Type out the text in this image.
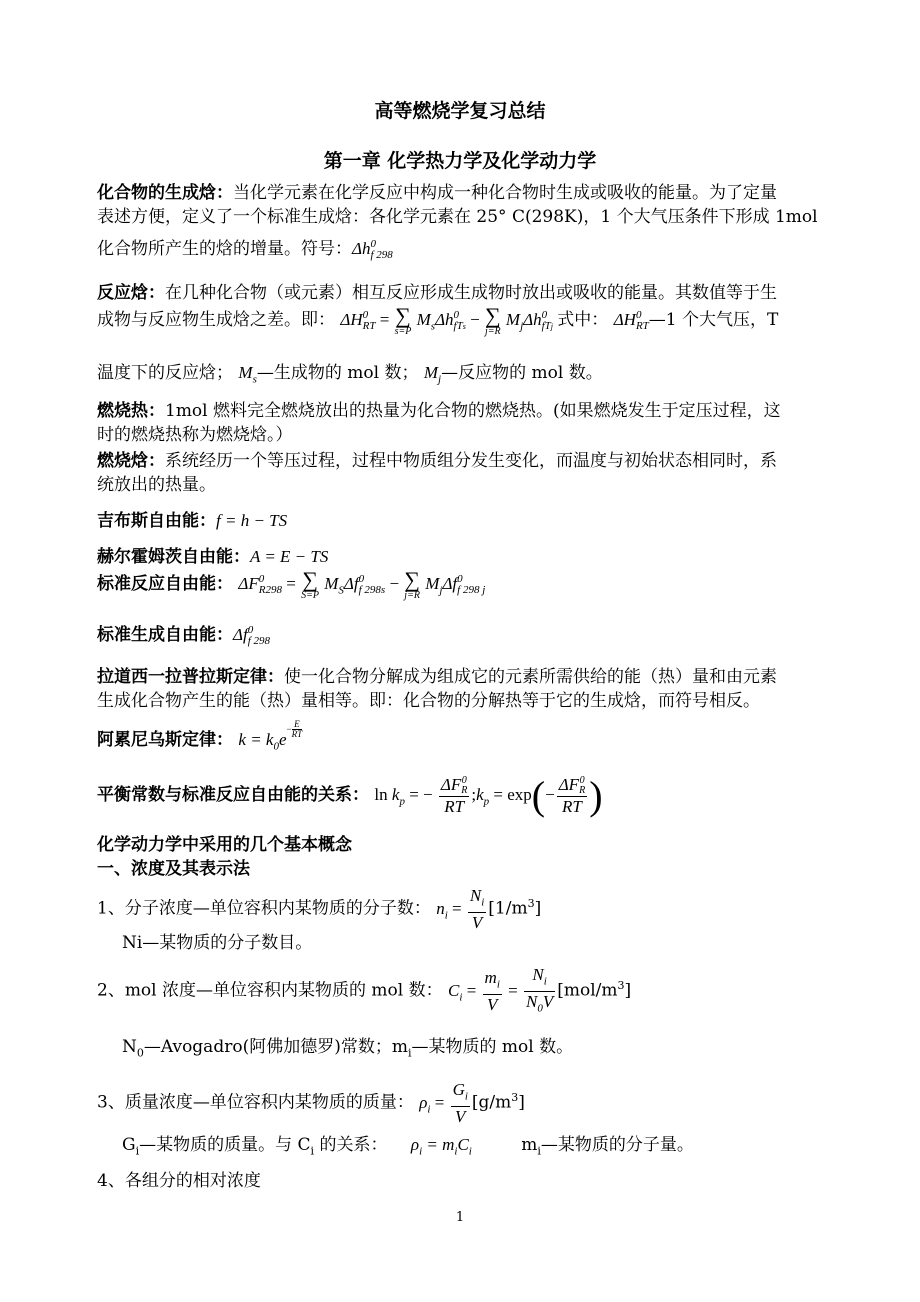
高等燃烧学复习总结
第一章 化学热力学及化学动力学
化合物的生成焓：当化学元素在化学反应中构成一种化合物时生成或吸收的能量。为了定量
表述方便，定义了一个标准生成焓：各化学元素在 25° C(298K)，1 个大气压条件下形成 1mol
化合物所产生的焓的增量。符号：Δh 0
f 298
反应焓：在几种化合物（或元素）相互反应形成生成物时放出或吸收的能量。其数值等于生
成物与反应物生成焓之差。即： ΔH 0
RT = ∑
s=P
$M_s\Delta h$ 0
fTs − ∑
j=R
$M_j\Delta h$ 0
fTj 式中： ΔH 0
RT —1 个大气压，T
温度下的反应焓； $M_s—$生成物的 mol 数； $M_j—$反应物的 mol 数。
燃烧热：1mol 燃料完全燃烧放出的热量为化合物的燃烧热。(如果燃烧发生于定压过程，这
时的燃烧热称为燃烧焓。）
燃烧焓：系统经历一个等压过程，过程中物质组分发生变化，而温度与初始状态相同时，系
统放出的热量。
吉布斯自由能：f = h − TS
赫尔霍姆茨自由能：A = E − TS
标准反应自由能： ΔF 0
R298 = ∑
S=P
$M_S\Delta f$ 0
f 298s − ∑
j=R
$M_j\Delta f$ 0
f 298 j
标准生成自由能：Δf 0
f 298
拉道西一拉普拉斯定律：使一化合物分解成为组成它的元素所需供给的能（热）量和由元素
生成化合物产生的能（热）量相等。即：化合物的分解热等于它的生成焓，而符号相反。
阿累尼乌斯定律： $k = k_0e- \frac{E}{RT}$
平衡常数与标准反应自由能的关系： $\ln k_p$ = − ΔF 0
R
RT $;k_p = \exp(- \Delta F$ 0
R
RT )
化学动力学中采用的几个基本概念
一、浓度及其表示法
1、分子浓度—单位容积内某物质的分子数： $n_i = \frac{N_i}{V} [1/m^3]$
Ni—某物质的分子数目。
2、mol 浓度—单位容积内某物质的 mol 数： $C_i = \frac{m_i}{V} = \frac{N_i}{N_0V} [mol/m^3]$
$N_0—Avogadro$(阿佛加德罗)常数；$m_i—$某物质的 mol 数。
3、质量浓度—单位容积内某物质的质量： $\rho_i = \frac{G_i}{V} [g/m^3]$
$G_i—$某物质的质量。与 $C_i$ 的关系： $\rho_i = m_iC_i$	$m_i—$某物质的分子量。
4、各组分的相对浓度
1
